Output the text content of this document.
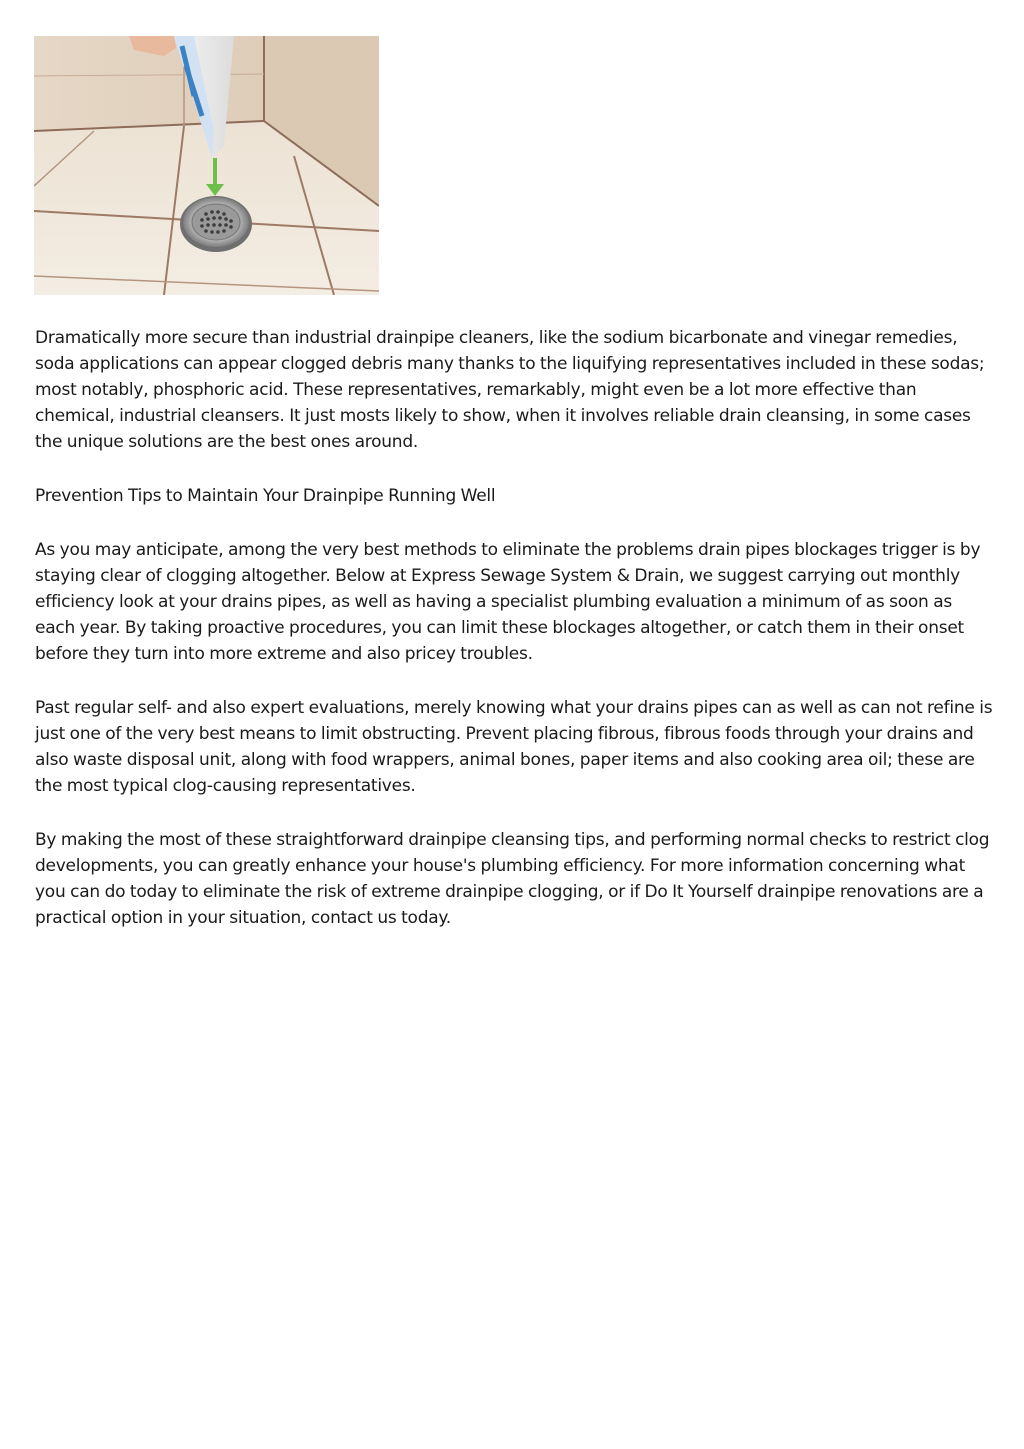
Dramatically more secure than industrial drainpipe cleaners, like the sodium bicarbonate and vinegar remedies, soda applications can appear clogged debris many thanks to the liquifying representatives included in these sodas; most notably, phosphoric acid. These representatives, remarkably, might even be a lot more effective than chemical, industrial cleansers. It just mosts likely to show, when it involves reliable drain cleansing, in some cases the unique solutions are the best ones around.

Prevention Tips to Maintain Your Drainpipe Running Well

As you may anticipate, among the very best methods to eliminate the problems drain pipes blockages trigger is by staying clear of clogging altogether. Below at Express Sewage System & Drain, we suggest carrying out monthly efficiency look at your drains pipes, as well as having a specialist plumbing evaluation a minimum of as soon as each year. By taking proactive procedures, you can limit these blockages altogether, or catch them in their onset before they turn into more extreme and also pricey troubles.

Past regular self- and also expert evaluations, merely knowing what your drains pipes can as well as can not refine is just one of the very best means to limit obstructing. Prevent placing fibrous, fibrous foods through your drains and also waste disposal unit, along with food wrappers, animal bones, paper items and also cooking area oil; these are the most typical clog-causing representatives.

By making the most of these straightforward drainpipe cleansing tips, and performing normal checks to restrict clog developments, you can greatly enhance your house's plumbing efficiency. For more information concerning what you can do today to eliminate the risk of extreme drainpipe clogging, or if Do It Yourself drainpipe renovations are a practical option in your situation, contact us today.
